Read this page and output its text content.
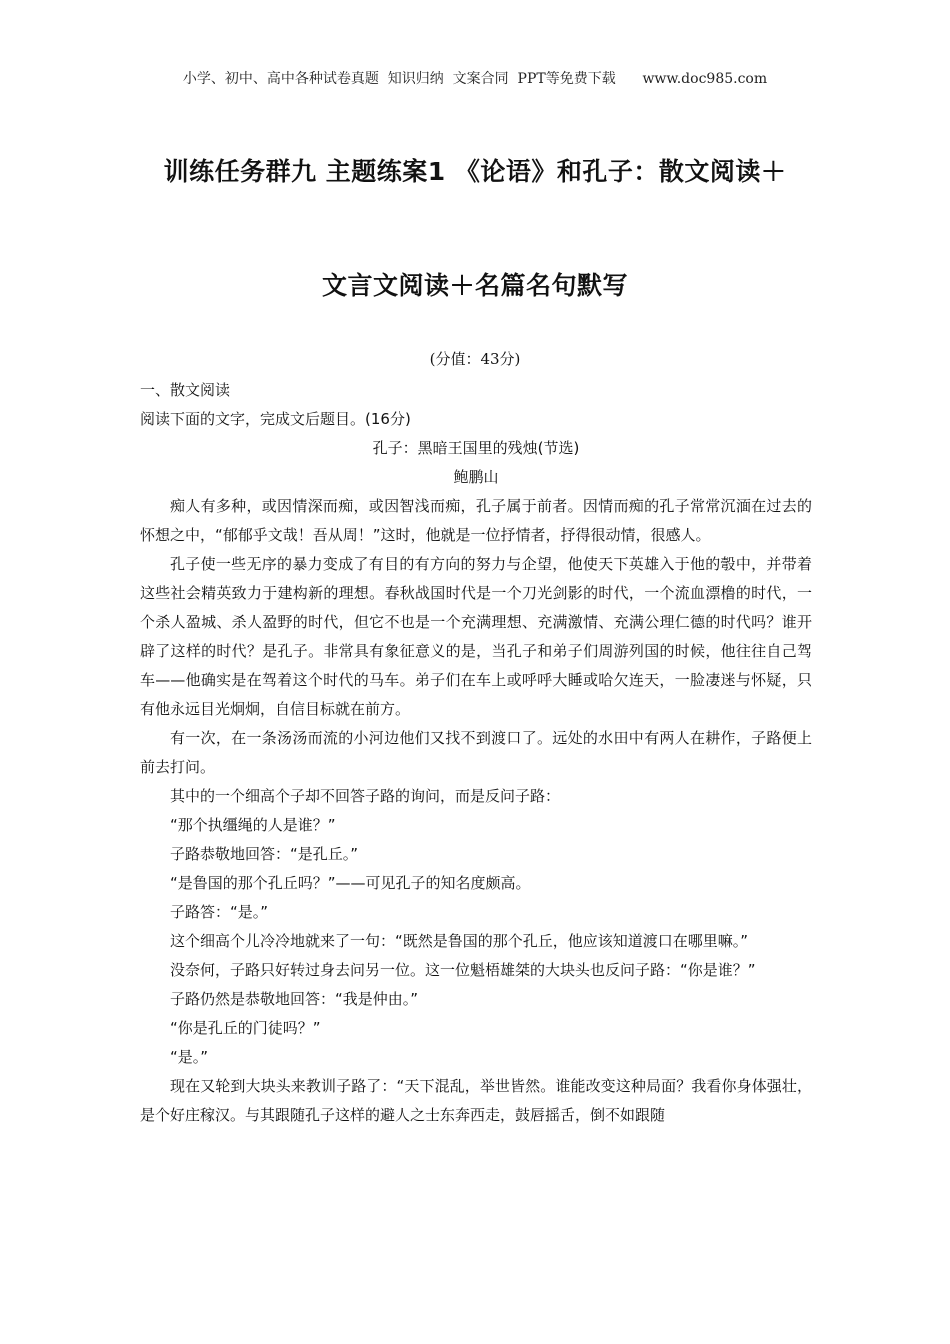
小学、初中、高中各种试卷真题  知识归纳  文案合同  PPT等免费下载      www.doc985.com
训练任务群九 主题练案1 《论语》和孔子：散文阅读＋
文言文阅读＋名篇名句默写
(分值：43分)

一、散文阅读

阅读下面的文字，完成文后题目。(16分)

孔子：黑暗王国里的残烛(节选)

鲍鹏山

痴人有多种，或因情深而痴，或因智浅而痴，孔子属于前者。因情而痴的孔子常常沉湎在过去的怀想之中，“郁郁乎文哉！吾从周！”这时，他就是一位抒情者，抒得很动情，很感人。

孔子使一些无序的暴力变成了有目的有方向的努力与企望，他使天下英雄入于他的彀中，并带着这些社会精英致力于建构新的理想。春秋战国时代是一个刀光剑影的时代，一个流血漂橹的时代，一个杀人盈城、杀人盈野的时代，但它不也是一个充满理想、充满激情、充满公理仁德的时代吗？谁开辟了这样的时代？是孔子。非常具有象征意义的是，当孔子和弟子们周游列国的时候，他往往自己驾车——他确实是在驾着这个时代的马车。弟子们在车上或呼呼大睡或哈欠连天，一脸凄迷与怀疑，只有他永远目光炯炯，自信目标就在前方。

有一次，在一条汤汤而流的小河边他们又找不到渡口了。远处的水田中有两人在耕作，子路便上前去打问。

其中的一个细高个子却不回答子路的询问，而是反问子路：

“那个执缰绳的人是谁？”

子路恭敬地回答：“是孔丘。”

“是鲁国的那个孔丘吗？”——可见孔子的知名度颇高。

子路答：“是。”

这个细高个儿冷冷地就来了一句：“既然是鲁国的那个孔丘，他应该知道渡口在哪里嘛。”

没奈何，子路只好转过身去问另一位。这一位魁梧雄桀的大块头也反问子路：“你是谁？”

子路仍然是恭敬地回答：“我是仲由。”

“你是孔丘的门徒吗？”

“是。”

现在又轮到大块头来教训子路了：“天下混乱，举世皆然。谁能改变这种局面？我看你身体强壮，是个好庄稼汉。与其跟随孔子这样的避人之士东奔西走，鼓唇摇舌，倒不如跟随
